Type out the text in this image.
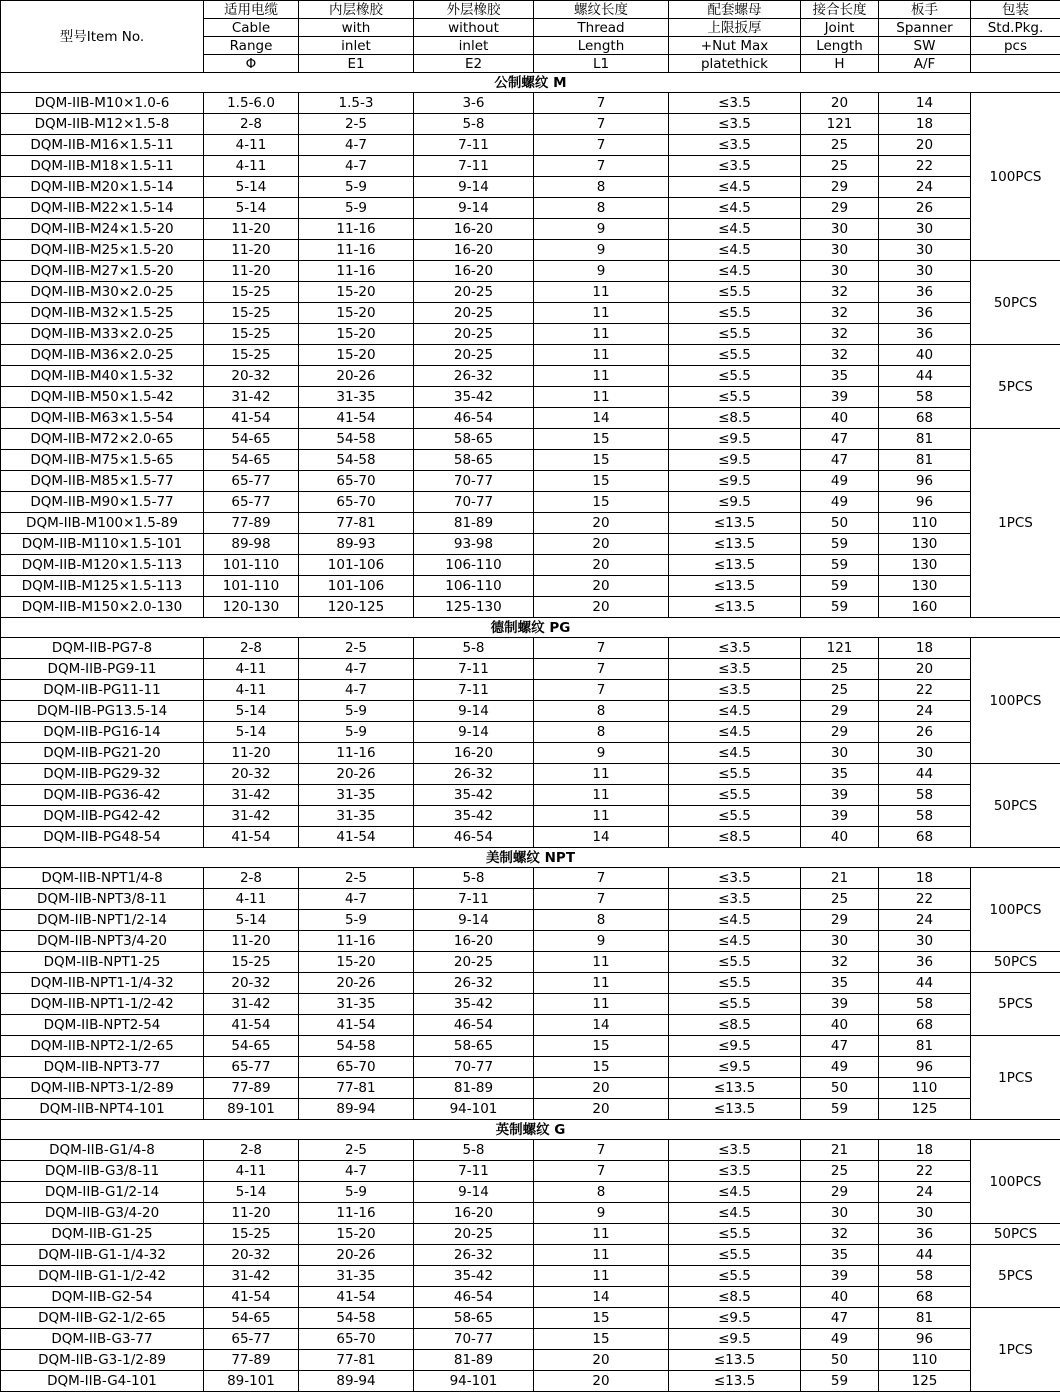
型号Item No.	适用电缆	内层橡胶	外层橡胶	螺纹长度	配套螺母	接合长度	板手	包装
	Cable	with	without	Thread	上限扳厚	Joint	Spanner	Std.Pkg.
	Range	inlet	inlet	Length	+Nut Max	Length	SW	pcs
	Φ	E1	E2	L1	platethick	H	A/F	
公制螺纹 M								
DQM-IIB-M10×1.0-6	1.5-6.0	1.5-3	3-6	7	≤3.5	20	14	100PCS
DQM-IIB-M12×1.5-8	2-8	2-5	5-8	7	≤3.5	121	18	
DQM-IIB-M16×1.5-11	4-11	4-7	7-11	7	≤3.5	25	20	
DQM-IIB-M18×1.5-11	4-11	4-7	7-11	7	≤3.5	25	22	
DQM-IIB-M20×1.5-14	5-14	5-9	9-14	8	≤4.5	29	24	
DQM-IIB-M22×1.5-14	5-14	5-9	9-14	8	≤4.5	29	26	
DQM-IIB-M24×1.5-20	11-20	11-16	16-20	9	≤4.5	30	30	
DQM-IIB-M25×1.5-20	11-20	11-16	16-20	9	≤4.5	30	30	
DQM-IIB-M27×1.5-20	11-20	11-16	16-20	9	≤4.5	30	30	50PCS
DQM-IIB-M30×2.0-25	15-25	15-20	20-25	11	≤5.5	32	36	
DQM-IIB-M32×1.5-25	15-25	15-20	20-25	11	≤5.5	32	36	
DQM-IIB-M33×2.0-25	15-25	15-20	20-25	11	≤5.5	32	36	
DQM-IIB-M36×2.0-25	15-25	15-20	20-25	11	≤5.5	32	40	5PCS
DQM-IIB-M40×1.5-32	20-32	20-26	26-32	11	≤5.5	35	44	
DQM-IIB-M50×1.5-42	31-42	31-35	35-42	11	≤5.5	39	58	
DQM-IIB-M63×1.5-54	41-54	41-54	46-54	14	≤8.5	40	68	
DQM-IIB-M72×2.0-65	54-65	54-58	58-65	15	≤9.5	47	81	1PCS
DQM-IIB-M75×1.5-65	54-65	54-58	58-65	15	≤9.5	47	81	
DQM-IIB-M85×1.5-77	65-77	65-70	70-77	15	≤9.5	49	96	
DQM-IIB-M90×1.5-77	65-77	65-70	70-77	15	≤9.5	49	96	
DQM-IIB-M100×1.5-89	77-89	77-81	81-89	20	≤13.5	50	110	
DQM-IIB-M110×1.5-101	89-98	89-93	93-98	20	≤13.5	59	130	
DQM-IIB-M120×1.5-113	101-110	101-106	106-110	20	≤13.5	59	130	
DQM-IIB-M125×1.5-113	101-110	101-106	106-110	20	≤13.5	59	130	
DQM-IIB-M150×2.0-130	120-130	120-125	125-130	20	≤13.5	59	160	
德制螺纹 PG								
DQM-IIB-PG7-8	2-8	2-5	5-8	7	≤3.5	121	18	100PCS
DQM-IIB-PG9-11	4-11	4-7	7-11	7	≤3.5	25	20	
DQM-IIB-PG11-11	4-11	4-7	7-11	7	≤3.5	25	22	
DQM-IIB-PG13.5-14	5-14	5-9	9-14	8	≤4.5	29	24	
DQM-IIB-PG16-14	5-14	5-9	9-14	8	≤4.5	29	26	
DQM-IIB-PG21-20	11-20	11-16	16-20	9	≤4.5	30	30	
DQM-IIB-PG29-32	20-32	20-26	26-32	11	≤5.5	35	44	50PCS
DQM-IIB-PG36-42	31-42	31-35	35-42	11	≤5.5	39	58	
DQM-IIB-PG42-42	31-42	31-35	35-42	11	≤5.5	39	58	
DQM-IIB-PG48-54	41-54	41-54	46-54	14	≤8.5	40	68	
美制螺纹 NPT								
DQM-IIB-NPT1/4-8	2-8	2-5	5-8	7	≤3.5	21	18	100PCS
DQM-IIB-NPT3/8-11	4-11	4-7	7-11	7	≤3.5	25	22	
DQM-IIB-NPT1/2-14	5-14	5-9	9-14	8	≤4.5	29	24	
DQM-IIB-NPT3/4-20	11-20	11-16	16-20	9	≤4.5	30	30	
DQM-IIB-NPT1-25	15-25	15-20	20-25	11	≤5.5	32	36	50PCS
DQM-IIB-NPT1-1/4-32	20-32	20-26	26-32	11	≤5.5	35	44	5PCS
DQM-IIB-NPT1-1/2-42	31-42	31-35	35-42	11	≤5.5	39	58	
DQM-IIB-NPT2-54	41-54	41-54	46-54	14	≤8.5	40	68	
DQM-IIB-NPT2-1/2-65	54-65	54-58	58-65	15	≤9.5	47	81	1PCS
DQM-IIB-NPT3-77	65-77	65-70	70-77	15	≤9.5	49	96	
DQM-IIB-NPT3-1/2-89	77-89	77-81	81-89	20	≤13.5	50	110	
DQM-IIB-NPT4-101	89-101	89-94	94-101	20	≤13.5	59	125	
英制螺纹 G								
DQM-IIB-G1/4-8	2-8	2-5	5-8	7	≤3.5	21	18	100PCS
DQM-IIB-G3/8-11	4-11	4-7	7-11	7	≤3.5	25	22	
DQM-IIB-G1/2-14	5-14	5-9	9-14	8	≤4.5	29	24	
DQM-IIB-G3/4-20	11-20	11-16	16-20	9	≤4.5	30	30	
DQM-IIB-G1-25	15-25	15-20	20-25	11	≤5.5	32	36	50PCS
DQM-IIB-G1-1/4-32	20-32	20-26	26-32	11	≤5.5	35	44	5PCS
DQM-IIB-G1-1/2-42	31-42	31-35	35-42	11	≤5.5	39	58	
DQM-IIB-G2-54	41-54	41-54	46-54	14	≤8.5	40	68	
DQM-IIB-G2-1/2-65	54-65	54-58	58-65	15	≤9.5	47	81	1PCS
DQM-IIB-G3-77	65-77	65-70	70-77	15	≤9.5	49	96	
DQM-IIB-G3-1/2-89	77-89	77-81	81-89	20	≤13.5	50	110	
DQM-IIB-G4-101	89-101	89-94	94-101	20	≤13.5	59	125	
